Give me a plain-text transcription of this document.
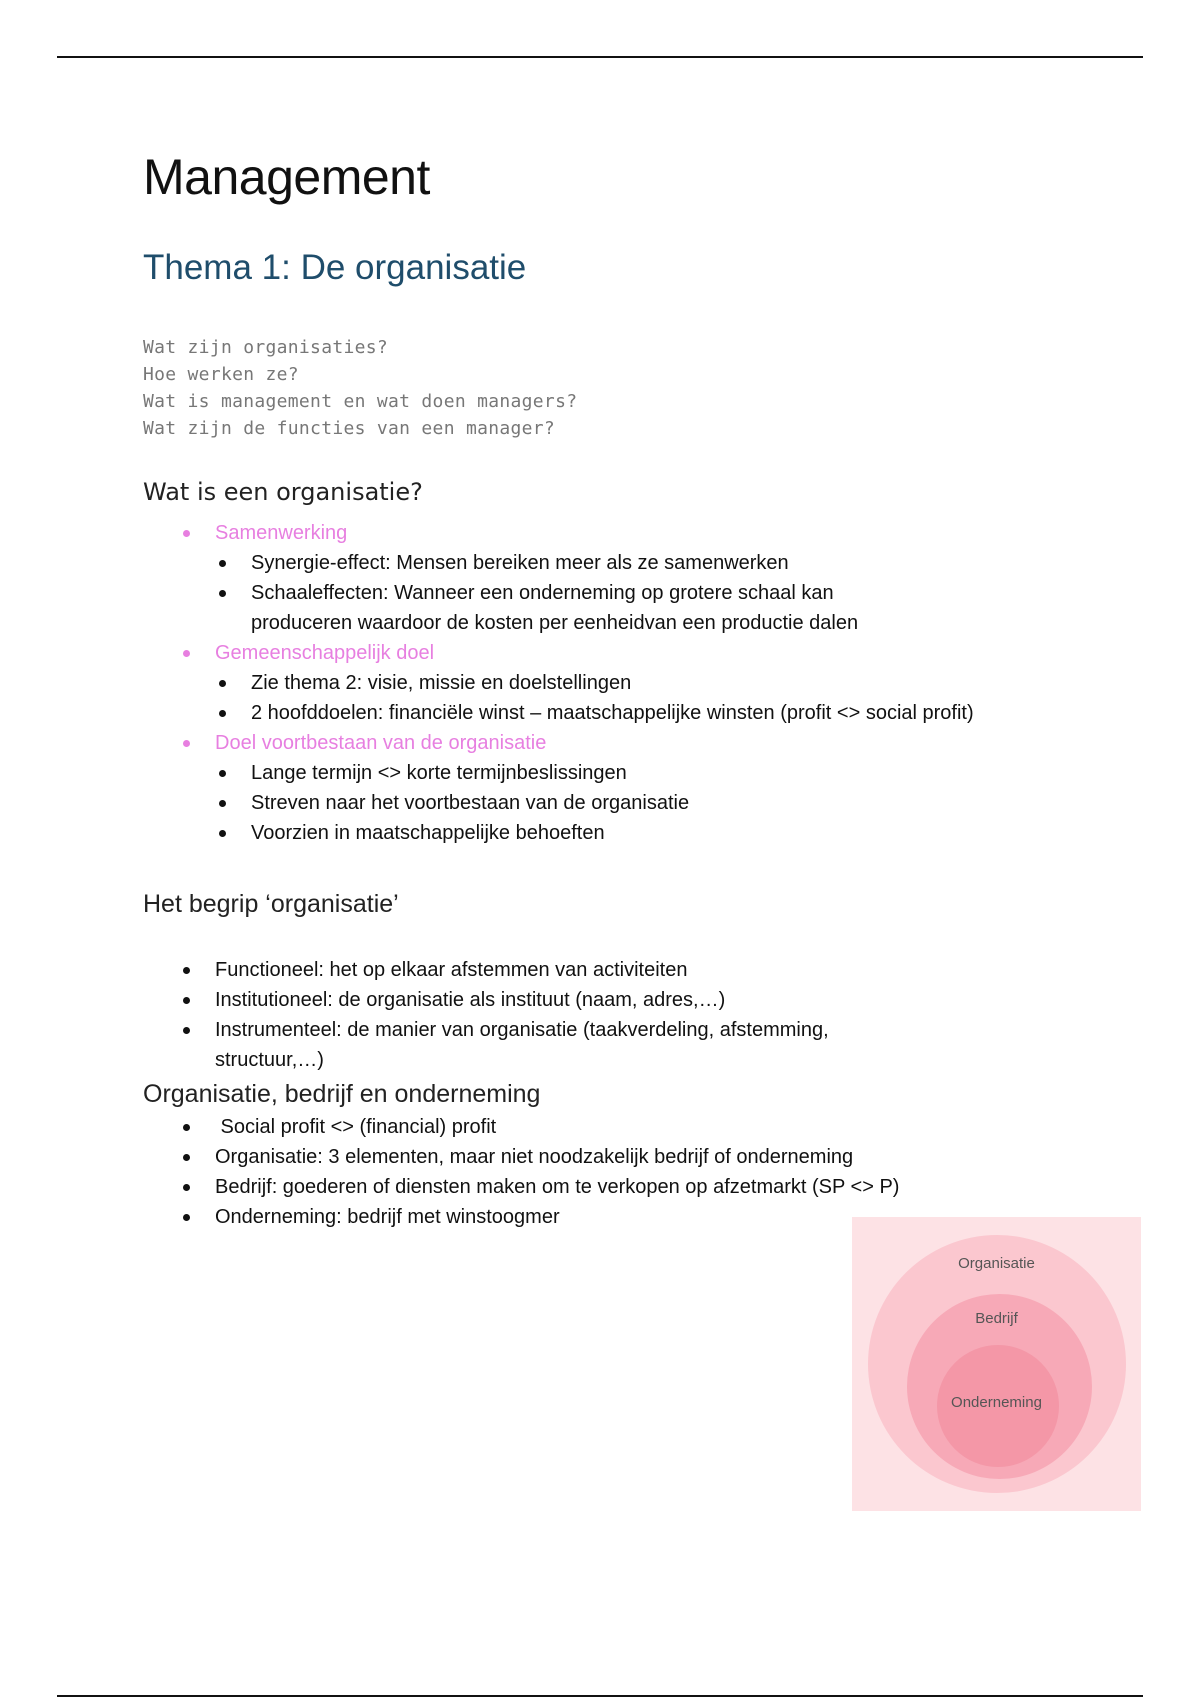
Management
Thema 1: De organisatie
Wat zijn organisaties?
Hoe werken ze?
Wat is management en wat doen managers?
Wat zijn de functies van een manager?
Wat is een organisatie?
Samenwerking
Synergie-effect: Mensen bereiken meer als ze samenwerken
Schaaleffecten: Wanneer een onderneming op grotere schaal kan produceren waardoor de kosten per eenheidvan een productie dalen
Gemeenschappelijk doel
Zie thema 2: visie, missie en doelstellingen
2 hoofddoelen: financiële winst – maatschappelijke winsten (profit <> social profit)
Doel voortbestaan van de organisatie
Lange termijn <> korte termijnbeslissingen
Streven naar het voortbestaan van de organisatie
Voorzien in maatschappelijke behoeften
Het begrip ‘organisatie’
Functioneel: het op elkaar afstemmen van activiteiten
Institutioneel: de organisatie als instituut (naam, adres,…)
Instrumenteel: de manier van organisatie (taakverdeling, afstemming, structuur,…)
Organisatie, bedrijf en onderneming
Social profit <> (financial) profit
Organisatie: 3 elementen, maar niet noodzakelijk bedrijf of onderneming
Bedrijf: goederen of diensten maken om te verkopen op afzetmarkt (SP <> P)
Onderneming: bedrijf met winstoogmer
Organisatie
Bedrijf
Onderneming
